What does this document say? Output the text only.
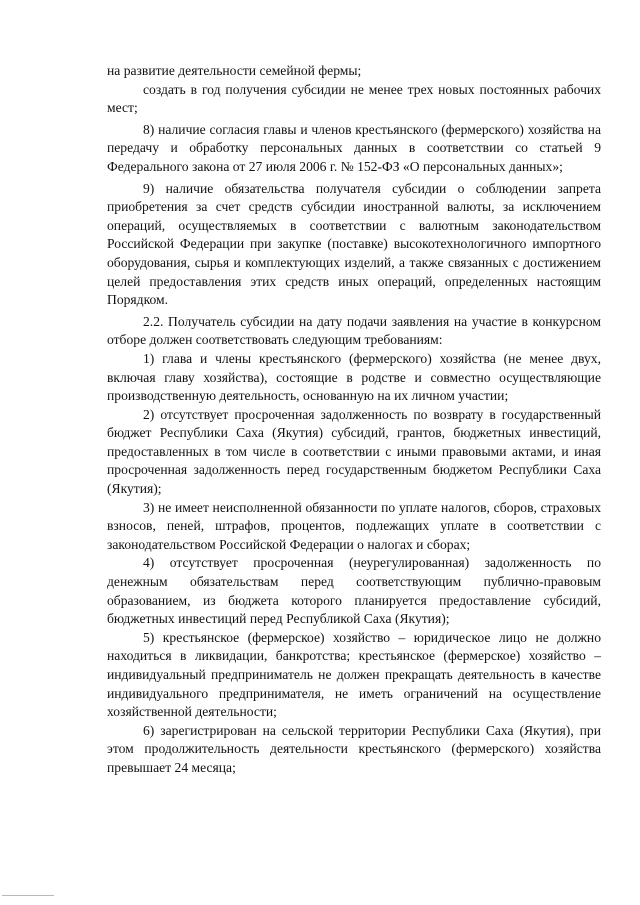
на развитие деятельности семейной фермы;

создать в год получения субсидии не менее трех новых постоянных рабочих мест;

8) наличие согласия главы и членов крестьянского (фермерского) хозяйства на передачу и обработку персональных данных в соответствии со статьей 9 Федерального закона от 27 июля 2006 г. № 152-ФЗ «О персональных данных»;

9) наличие обязательства получателя субсидии о соблюдении запрета приобретения за счет средств субсидии иностранной валюты, за исключением операций, осуществляемых в соответствии с валютным законодательством Российской Федерации при закупке (поставке) высокотехнологичного импортного оборудования, сырья и комплектующих изделий, а также связанных с достижением целей предоставления этих средств иных операций, определенных настоящим Порядком.

2.2. Получатель субсидии на дату подачи заявления на участие в конкурсном отборе должен соответствовать следующим требованиям:

1) глава и члены крестьянского (фермерского) хозяйства (не менее двух, включая главу хозяйства), состоящие в родстве и совместно осуществляющие производственную деятельность, основанную на их личном участии;

2) отсутствует просроченная задолженность по возврату в государственный бюджет Республики Саха (Якутия) субсидий, грантов, бюджетных инвестиций, предоставленных в том числе в соответствии с иными правовыми актами, и иная просроченная задолженность перед государственным бюджетом Республики Саха (Якутия);

3) не имеет неисполненной обязанности по уплате налогов, сборов, страховых взносов, пеней, штрафов, процентов, подлежащих уплате в соответствии с законодательством Российской Федерации о налогах и сборах;

4) отсутствует просроченная (неурегулированная) задолженность по денежным обязательствам перед соответствующим публично-правовым образованием, из бюджета которого планируется предоставление субсидий, бюджетных инвестиций перед Республикой Саха (Якутия);

5) крестьянское (фермерское) хозяйство – юридическое лицо не должно находиться в ликвидации, банкротства; крестьянское (фермерское) хозяйство – индивидуальный предприниматель не должен прекращать деятельность в качестве индивидуального предпринимателя, не иметь ограничений на осуществление хозяйственной деятельности;

6) зарегистрирован на сельской территории Республики Саха (Якутия), при этом продолжительность деятельности крестьянского (фермерского) хозяйства превышает 24 месяца;
